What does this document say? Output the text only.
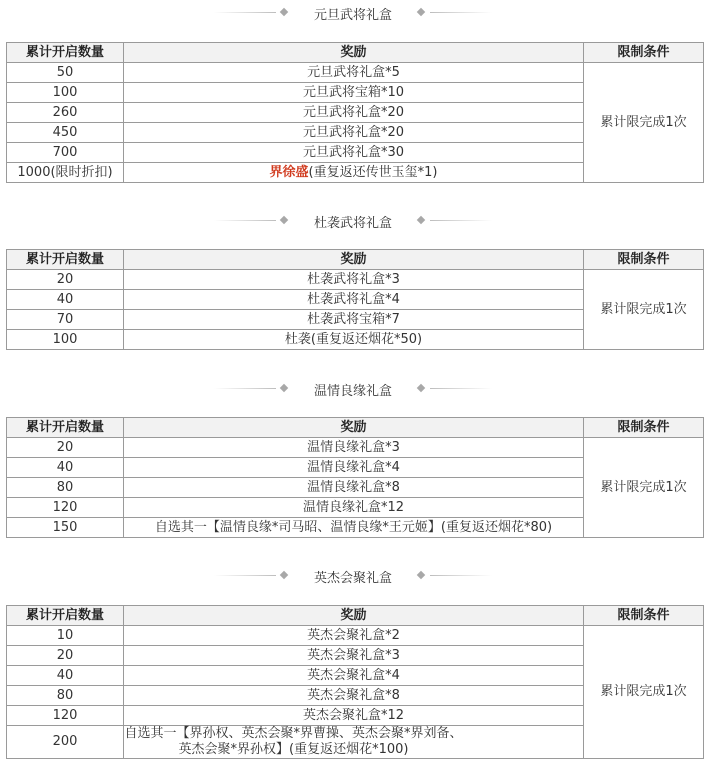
元旦武将礼盒
累计开启数量	奖励	限制条件
50	元旦武将礼盒*5	累计限完成1次
100	元旦武将宝箱*10	
260	元旦武将礼盒*20	
450	元旦武将礼盒*20	
700	元旦武将礼盒*30	
1000(限时折扣)	界徐盛(重复返还传世玉玺*1)	
杜袭武将礼盒
累计开启数量	奖励	限制条件
20	杜袭武将礼盒*3	累计限完成1次
40	杜袭武将礼盒*4	
70	杜袭武将宝箱*7	
100	杜袭(重复返还烟花*50)	
温情良缘礼盒
累计开启数量	奖励	限制条件
20	温情良缘礼盒*3	累计限完成1次
40	温情良缘礼盒*4	
80	温情良缘礼盒*8	
120	温情良缘礼盒*12	
150	自选其一【温情良缘*司马昭、温情良缘*王元姬】(重复返还烟花*80)	
英杰会聚礼盒
累计开启数量	奖励	限制条件
10	英杰会聚礼盒*2	累计限完成1次
20	英杰会聚礼盒*3	
40	英杰会聚礼盒*4	
80	英杰会聚礼盒*8	
120	英杰会聚礼盒*12	
200	自选其一【界孙权、英杰会聚*界曹操、英杰会聚*界刘备、英杰会聚*界孙权】(重复返还烟花*100)	
